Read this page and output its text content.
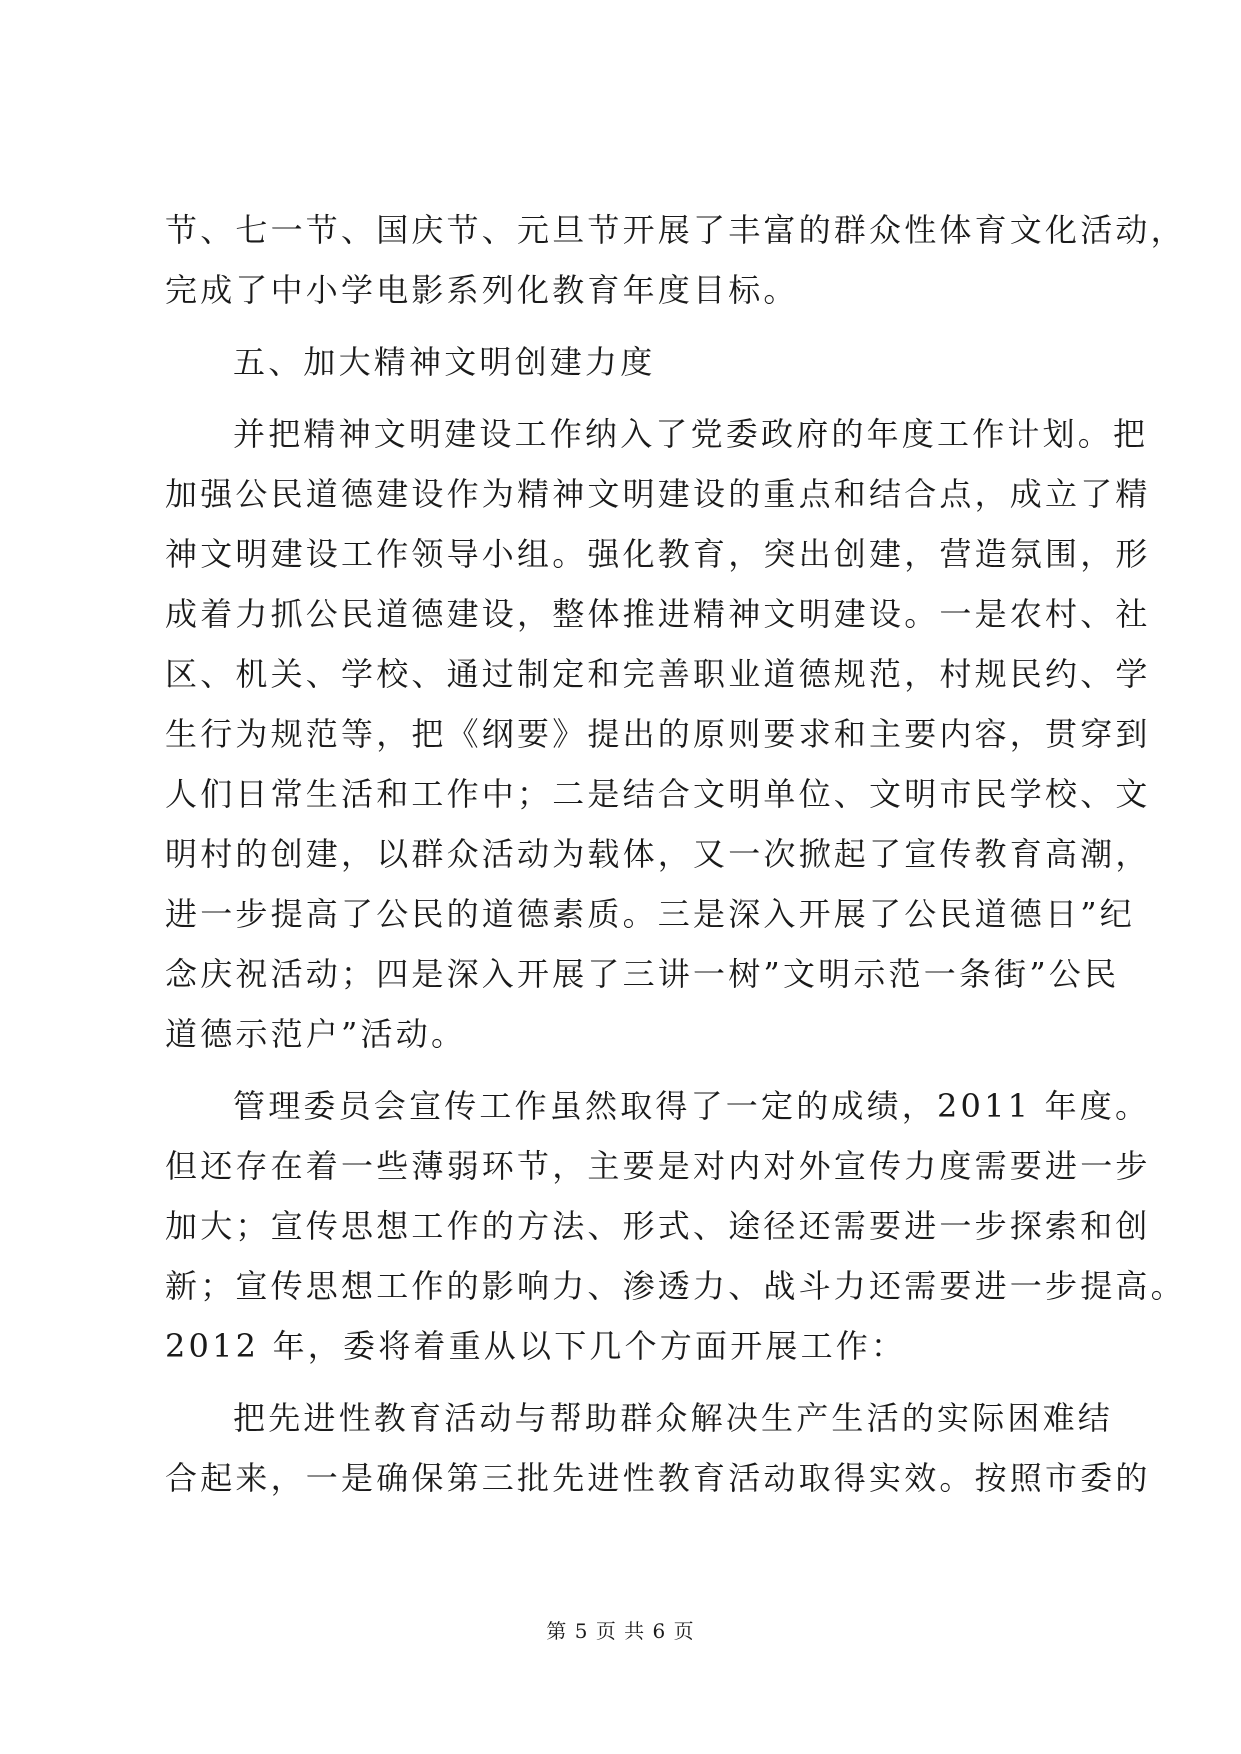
节、七一节、国庆节、元旦节开展了丰富的群众性体育文化活动，
完成了中小学电影系列化教育年度目标。
五、加大精神文明创建力度
并把精神文明建设工作纳入了党委政府的年度工作计划。把
加强公民道德建设作为精神文明建设的重点和结合点，成立了精
神文明建设工作领导小组。强化教育，突出创建，营造氛围，形
成着力抓公民道德建设，整体推进精神文明建设。一是农村、社
区、机关、学校、通过制定和完善职业道德规范，村规民约、学
生行为规范等，把《纲要》提出的原则要求和主要内容，贯穿到
人们日常生活和工作中；二是结合文明单位、文明市民学校、文
明村的创建，以群众活动为载体，又一次掀起了宣传教育高潮，
进一步提高了公民的道德素质。三是深入开展了公民道德日”纪
念庆祝活动；四是深入开展了三讲一树”文明示范一条街”公民
道德示范户”活动。
管理委员会宣传工作虽然取得了一定的成绩，2011 年度。
但还存在着一些薄弱环节，主要是对内对外宣传力度需要进一步
加大；宣传思想工作的方法、形式、途径还需要进一步探索和创
新；宣传思想工作的影响力、渗透力、战斗力还需要进一步提高。
2012 年，委将着重从以下几个方面开展工作：
把先进性教育活动与帮助群众解决生产生活的实际困难结
合起来，一是确保第三批先进性教育活动取得实效。按照市委的
第 5 页 共 6 页
